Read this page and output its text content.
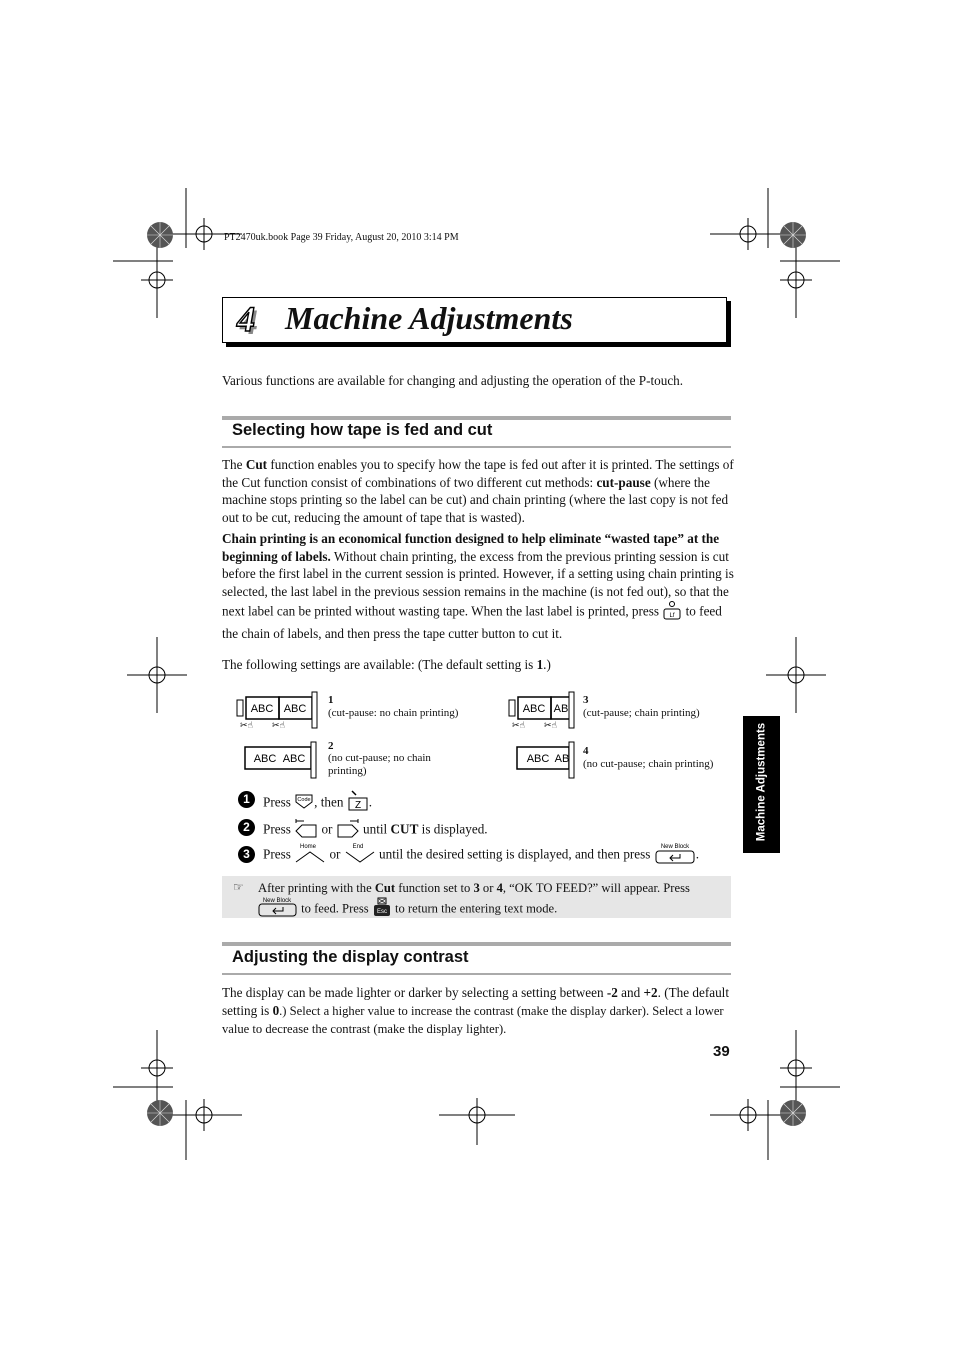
PT2470uk.book Page 39 Friday, August 20, 2010 3:14 PM
4 Machine Adjustments
Various functions are available for changing and adjusting the operation of the P-touch.
Selecting how tape is fed and cut
The Cut function enables you to specify how the tape is fed out after it is printed. The settings of the Cut function consist of combinations of two different cut methods: cut-pause (where the machine stops printing so the label can be cut) and chain printing (where the last copy is not fed out to be cut, reducing the amount of tape that is wasted).
Chain printing is an economical function designed to help eliminate “wasted tape” at the beginning of labels. Without chain printing, the excess from the previous printing session is cut before the first label in the current session is printed. However, if a setting using chain printing is selected, the last label in the previous session remains in the machine (is not fed out), so that the next label can be printed without wasting tape. When the last label is printed, press Lf to feed the chain of labels, and then press the tape cutter button to cut it.
The following settings are available: (The default setting is 1.)
ABC ABC
✂☝ ✂☝
1
(cut-pause: no chain printing)
ABC ABC
2
(no cut-pause; no chain printing)
ABC AB
✂☝ ✂☝
3
(cut-pause; chain printing)
ABC AB
4
(no cut-pause; chain printing)
1 Press Code , then Z .
2 Press  or  until CUT is displayed.
3 Press Home or End until the desired setting is displayed, and then press New Block .
☞ After printing with the Cut function set to 3 or 4, “OK TO FEED?” will appear. Press

New Block
to feed. Press Esc to return the entering text mode.
Adjusting the display contrast
The display can be made lighter or darker by selecting a setting between -2 and +2. (The default setting is 0.) Select a higher value to increase the contrast (make the display darker). Select a lower value to decrease the contrast (make the display lighter).
39
Machine Adjustments
